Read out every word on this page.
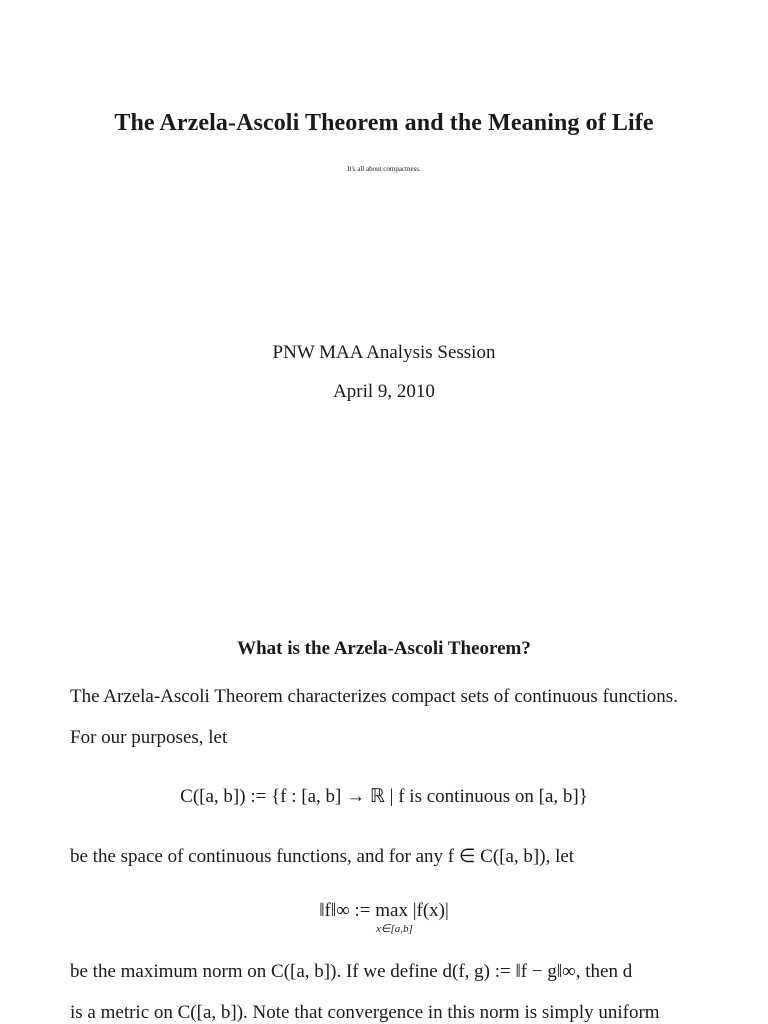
The Arzela-Ascoli Theorem and the Meaning of Life
It's all about compactness.
PNW MAA Analysis Session
April 9, 2010
What is the Arzela-Ascoli Theorem?
The Arzela-Ascoli Theorem characterizes compact sets of continuous functions.
For our purposes, let
C([a, b]) := {f : [a, b] → ℝ | f is continuous on [a, b]}
be the space of continuous functions, and for any f ∈ C([a, b]), let
‖f‖∞ := max |f(x)|
x∈[a,b]
be the maximum norm on C([a, b]). If we define d(f, g) := ‖f − g‖∞, then d
is a metric on C([a, b]). Note that convergence in this norm is simply uniform
